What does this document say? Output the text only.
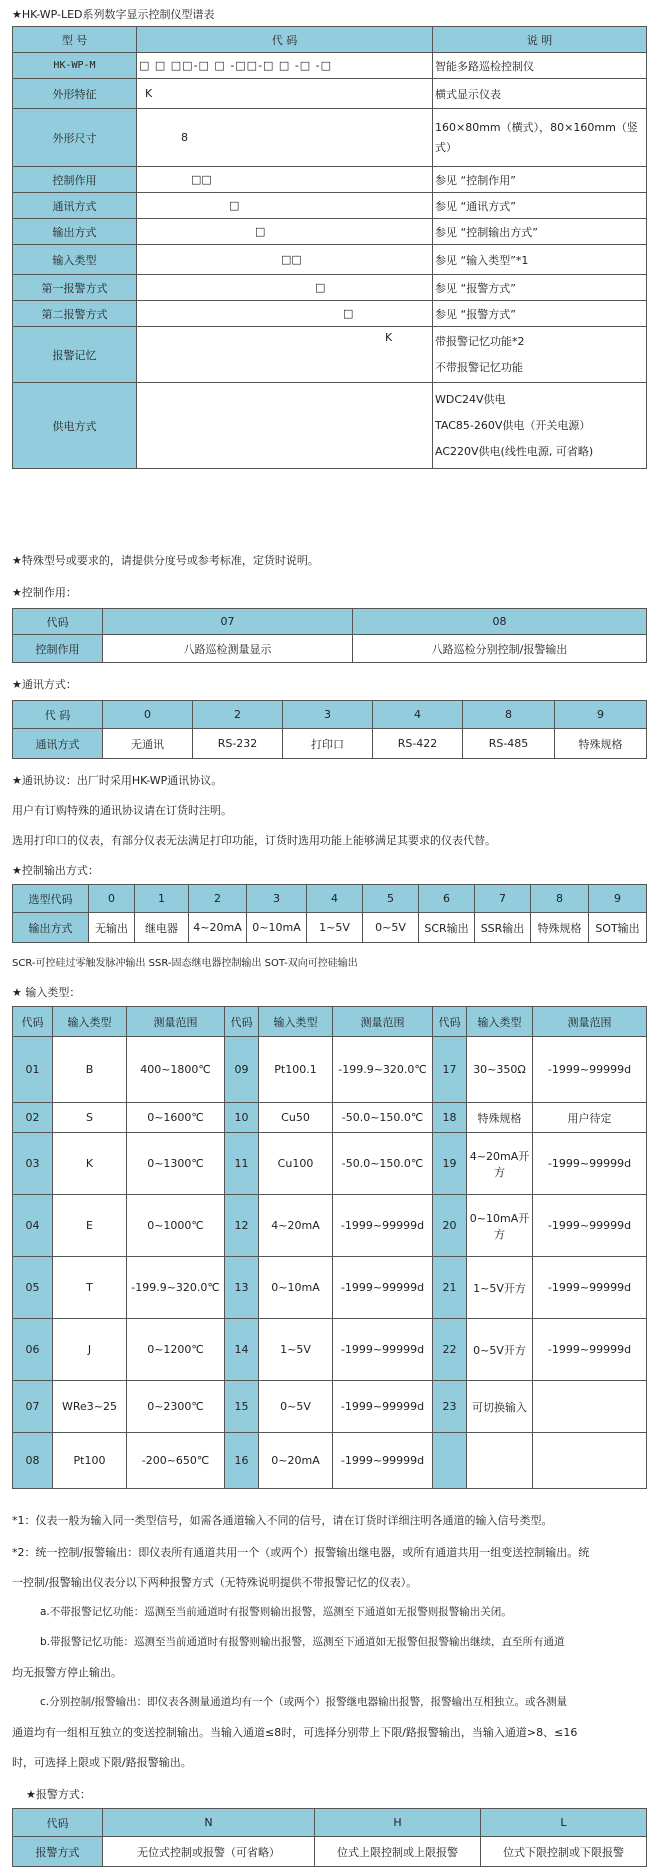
★HK-WP-LED系列数字显示控制仪型谱表
型 号	代 码	说 明
HK-WP-M	□ □ □□-□ □ -□□-□ □ -□ -□	智能多路巡检控制仪
外形特征	K	横式显示仪表
外形尺寸	8	160×80mm（横式），80×160mm（竖式）
控制作用	□□	参见 “控制作用”
通讯方式	□	参见 “通讯方式”
输出方式	□	参见 “控制输出方式”
输入类型	□□	参见 “输入类型”*1
第一报警方式	□	参见 “报警方式”
第二报警方式	□	参见 “报警方式”
报警记忆	K	带报警记忆功能*2
不带报警记忆功能

供电方式		WDC24V供电
TAC85-260V供电（开关电源）
AC220V供电(线性电源, 可省略)
★特殊型号或要求的，请提供分度号或参考标准，定货时说明。
★控制作用：
代码	07	08
控制作用	八路巡检测量显示	八路巡检分别控制/报警输出
★通讯方式：
代 码	0	2	3	4	8	9
通讯方式	无通讯	RS-232	打印口	RS-422	RS-485	特殊规格
★通讯协议：出厂时采用HK-WP通讯协议。
用户有订购特殊的通讯协议请在订货时注明。
选用打印口的仪表，有部分仪表无法满足打印功能，订货时选用功能上能够满足其要求的仪表代替。
★控制输出方式：
选型代码	0	1	2	3	4	5	6	7	8	9
输出方式	无输出	继电器	4~20mA	0~10mA	1~5V	0~5V	SCR输出	SSR输出	特殊规格	SOT输出
SCR-可控硅过零触发脉冲输出 SSR-固态继电器控制输出 SOT-双向可控硅输出
★ 输入类型：
代码	输入类型	测量范围	代码	输入类型	测量范围	代码	输入类型	测量范围
01	B	400~1800℃	09	Pt100.1	-199.9~320.0℃	17	30~350Ω	-1999~99999d
02	S	0~1600℃	10	Cu50	-50.0~150.0℃	18	特殊规格	用户待定
03	K	0~1300℃	11	Cu100	-50.0~150.0℃	19	4~20mA开方	-1999~99999d
04	E	0~1000℃	12	4~20mA	-1999~99999d	20	0~10mA开方	-1999~99999d
05	T	-199.9~320.0℃	13	0~10mA	-1999~99999d	21	1~5V开方	-1999~99999d
06	J	0~1200℃	14	1~5V	-1999~99999d	22	0~5V开方	-1999~99999d
07	WRe3~25	0~2300℃	15	0~5V	-1999~99999d	23	可切换输入	
08	Pt100	-200~650℃	16	0~20mA	-1999~99999d			
*1：仪表一般为输入同一类型信号，如需各通道输入不同的信号，请在订货时详细注明各通道的输入信号类型。
*2：统一控制/报警输出：即仪表所有通道共用一个（或两个）报警输出继电器，或所有通道共用一组变送控制输出。统
一控制/报警输出仪表分以下两种报警方式（无特殊说明提供不带报警记忆的仪表）。
a.不带报警记忆功能：巡测至当前通道时有报警则输出报警，巡测至下通道如无报警则报警输出关闭。
b.带报警记忆功能：巡测至当前通道时有报警则输出报警，巡测至下通道如无报警但报警输出继续，直至所有通道
均无报警方停止输出。
c.分别控制/报警输出：即仪表各测量通道均有一个（或两个）报警继电器输出报警，报警输出互相独立。或各测量
通道均有一组相互独立的变送控制输出。当输入通道≤8时，可选择分别带上下限/路报警输出，当输入通道>8、≤16
时，可选择上限或下限/路报警输出。
★报警方式：
代码	N	H	L
报警方式	无位式控制或报警（可省略）	位式上限控制或上限报警	位式下限控制或下限报警
